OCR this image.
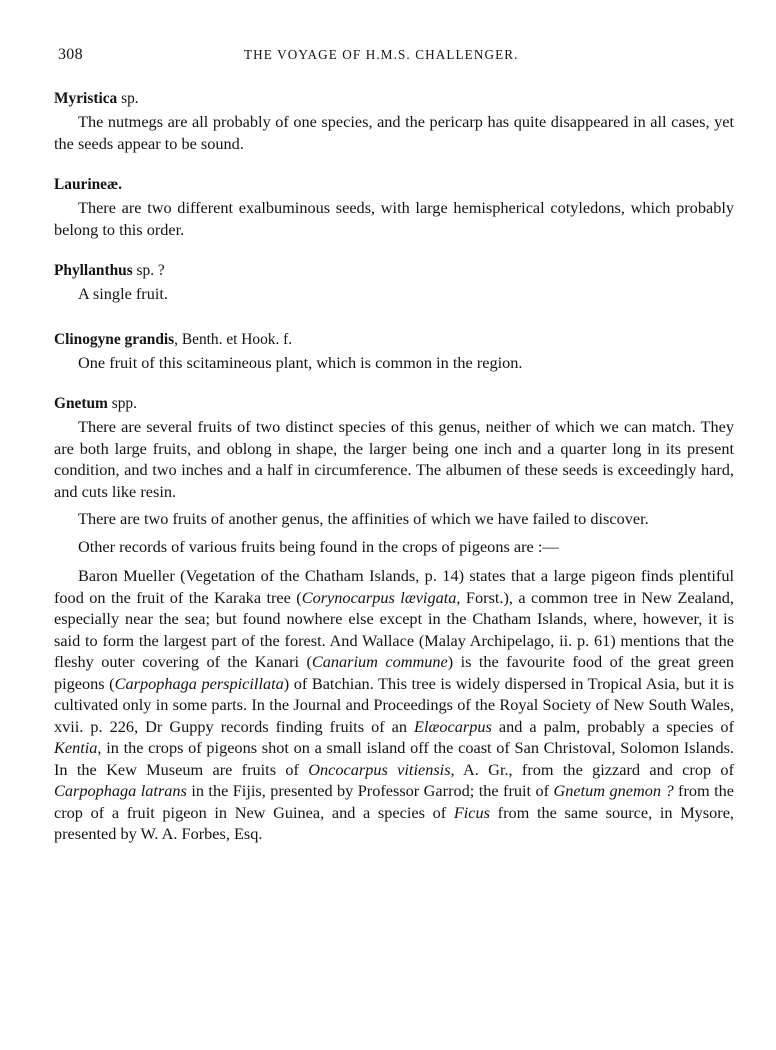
308	THE VOYAGE OF H.M.S. CHALLENGER.

Myristica sp.

The nutmegs are all probably of one species, and the pericarp has quite disappeared in all cases, yet the seeds appear to be sound.

Laurineæ.

There are two different exalbuminous seeds, with large hemispherical cotyledons, which probably belong to this order.

Phyllanthus sp. ?

A single fruit.

Clinogyne grandis, Benth. et Hook. f.

One fruit of this scitamineous plant, which is common in the region.

Gnetum spp.

There are several fruits of two distinct species of this genus, neither of which we can match. They are both large fruits, and oblong in shape, the larger being one inch and a quarter long in its present condition, and two inches and a half in circumference. The albumen of these seeds is exceedingly hard, and cuts like resin.

There are two fruits of another genus, the affinities of which we have failed to discover.

Other records of various fruits being found in the crops of pigeons are :—

Baron Mueller (Vegetation of the Chatham Islands, p. 14) states that a large pigeon finds plentiful food on the fruit of the Karaka tree (Corynocarpus lævigata, Forst.), a common tree in New Zealand, especially near the sea; but found nowhere else except in the Chatham Islands, where, however, it is said to form the largest part of the forest. And Wallace (Malay Archipelago, ii. p. 61) mentions that the fleshy outer covering of the Kanari (Canarium commune) is the favourite food of the great green pigeons (Carpophaga perspicillata) of Batchian. This tree is widely dispersed in Tropical Asia, but it is cultivated only in some parts. In the Journal and Proceedings of the Royal Society of New South Wales, xvii. p. 226, Dr Guppy records finding fruits of an Elæocarpus and a palm, probably a species of Kentia, in the crops of pigeons shot on a small island off the coast of San Christoval, Solomon Islands. In the Kew Museum are fruits of Oncocarpus vitiensis, A. Gr., from the gizzard and crop of Carpophaga latrans in the Fijis, presented by Professor Garrod; the fruit of Gnetum gnemon ? from the crop of a fruit pigeon in New Guinea, and a species of Ficus from the same source, in Mysore, presented by W. A. Forbes, Esq.
